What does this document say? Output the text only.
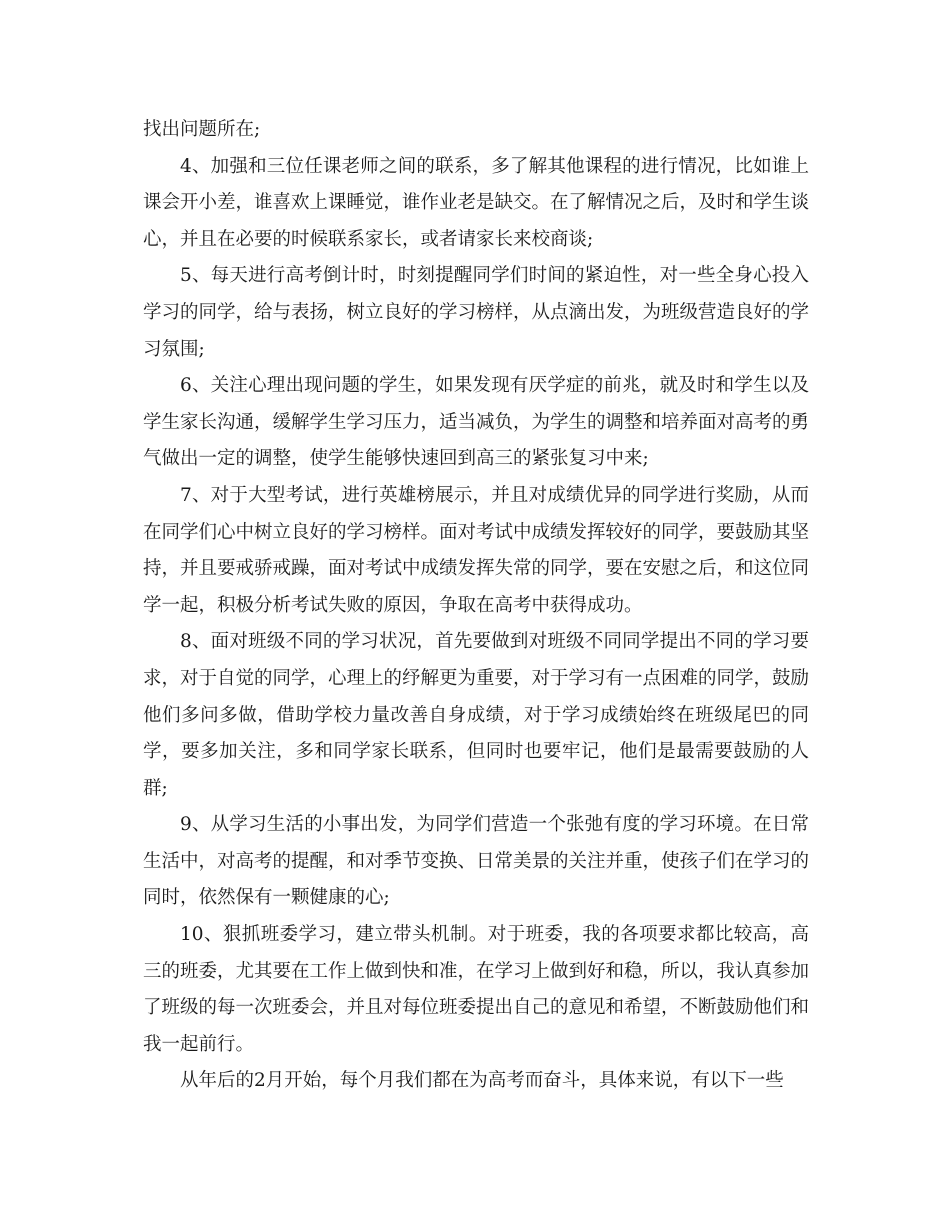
找出问题所在;

4、加强和三位任课老师之间的联系，多了解其他课程的进行情况，比如谁上课会开小差，谁喜欢上课睡觉，谁作业老是缺交。在了解情况之后，及时和学生谈心，并且在必要的时候联系家长，或者请家长来校商谈;

5、每天进行高考倒计时，时刻提醒同学们时间的紧迫性，对一些全身心投入学习的同学，给与表扬，树立良好的学习榜样，从点滴出发，为班级营造良好的学习氛围;

6、关注心理出现问题的学生，如果发现有厌学症的前兆，就及时和学生以及学生家长沟通，缓解学生学习压力，适当减负，为学生的调整和培养面对高考的勇气做出一定的调整，使学生能够快速回到高三的紧张复习中来;

7、对于大型考试，进行英雄榜展示，并且对成绩优异的同学进行奖励，从而在同学们心中树立良好的学习榜样。面对考试中成绩发挥较好的同学，要鼓励其坚持，并且要戒骄戒躁，面对考试中成绩发挥失常的同学，要在安慰之后，和这位同学一起，积极分析考试失败的原因，争取在高考中获得成功。

8、面对班级不同的学习状况，首先要做到对班级不同同学提出不同的学习要求，对于自觉的同学，心理上的纾解更为重要，对于学习有一点困难的同学，鼓励他们多问多做，借助学校力量改善自身成绩，对于学习成绩始终在班级尾巴的同学，要多加关注，多和同学家长联系，但同时也要牢记，他们是最需要鼓励的人群;

9、从学习生活的小事出发，为同学们营造一个张弛有度的学习环境。在日常生活中，对高考的提醒，和对季节变换、日常美景的关注并重，使孩子们在学习的同时，依然保有一颗健康的心;

10、狠抓班委学习，建立带头机制。对于班委，我的各项要求都比较高，高三的班委，尤其要在工作上做到快和准，在学习上做到好和稳，所以，我认真参加了班级的每一次班委会，并且对每位班委提出自己的意见和希望，不断鼓励他们和我一起前行。

从年后的2月开始，每个月我们都在为高考而奋斗，具体来说，有以下一些
